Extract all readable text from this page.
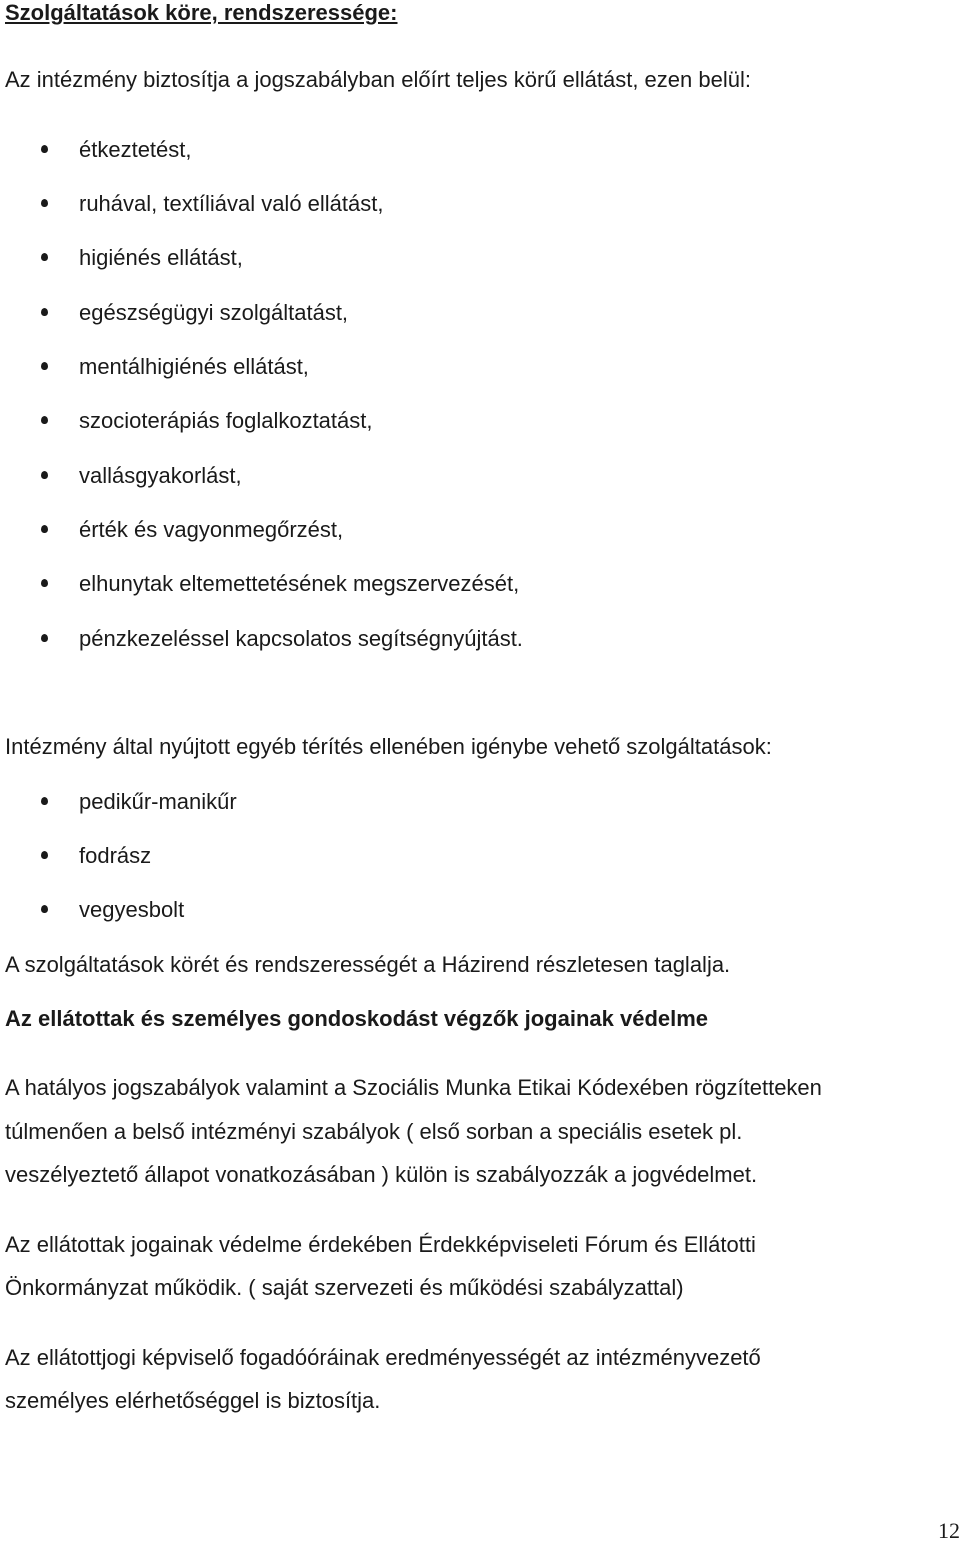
Szolgáltatások köre, rendszeressége:
Az intézmény biztosítja a jogszabályban előírt teljes körű ellátást, ezen belül:
étkeztetést,
ruhával, textíliával való ellátást,
higiénés ellátást,
egészségügyi szolgáltatást,
mentálhigiénés ellátást,
szocioterápiás foglalkoztatást,
vallásgyakorlást,
érték és vagyonmegőrzést,
elhunytak eltemettetésének megszervezését,
pénzkezeléssel kapcsolatos segítségnyújtást.
Intézmény által nyújtott egyéb térítés ellenében igénybe vehető szolgáltatások:
pedikűr-manikűr
fodrász
vegyesbolt
A szolgáltatások körét és rendszerességét a Házirend részletesen taglalja.
Az ellátottak és személyes gondoskodást végzők jogainak védelme
A hatályos jogszabályok valamint a Szociális Munka Etikai Kódexében rögzítetteken
túlmenően a belső intézményi szabályok ( első sorban a speciális esetek pl.
veszélyeztető állapot vonatkozásában ) külön is szabályozzák a jogvédelmet.
Az ellátottak jogainak védelme érdekében Érdekképviseleti Fórum és Ellátotti
Önkormányzat működik. ( saját szervezeti és működési szabályzattal)
Az ellátottjogi képviselő fogadóóráinak eredményességét az intézményvezető
személyes elérhetőséggel is biztosítja.
12
